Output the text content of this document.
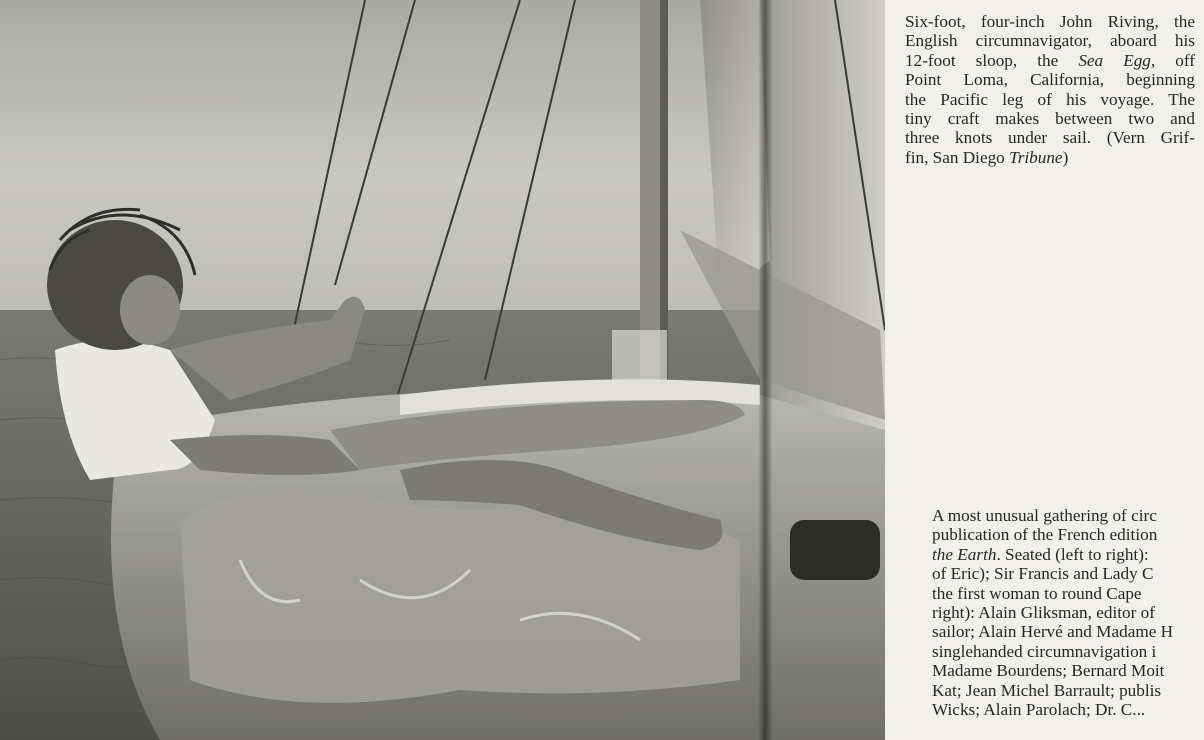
Six-foot, four-inch John Riving, the
English circumnavigator, aboard his
12-foot sloop, the Sea Egg, off
Point Loma, California, beginning
the Pacific leg of his voyage. The
tiny craft makes between two and
three knots under sail. (Vern Grif-
fin, San Diego Tribune)
A most unusual gathering of circ
publication of the French edition
the Earth. Seated (left to right):
of Eric); Sir Francis and Lady C
the first woman to round Cape
right): Alain Gliksman, editor of
sailor; Alain Hervé and Madame H
singlehanded circumnavigation i
Madame Bourdens; Bernard Moit
Kat; Jean Michel Barrault; publis
Wicks; Alain Parolach; Dr. C...
